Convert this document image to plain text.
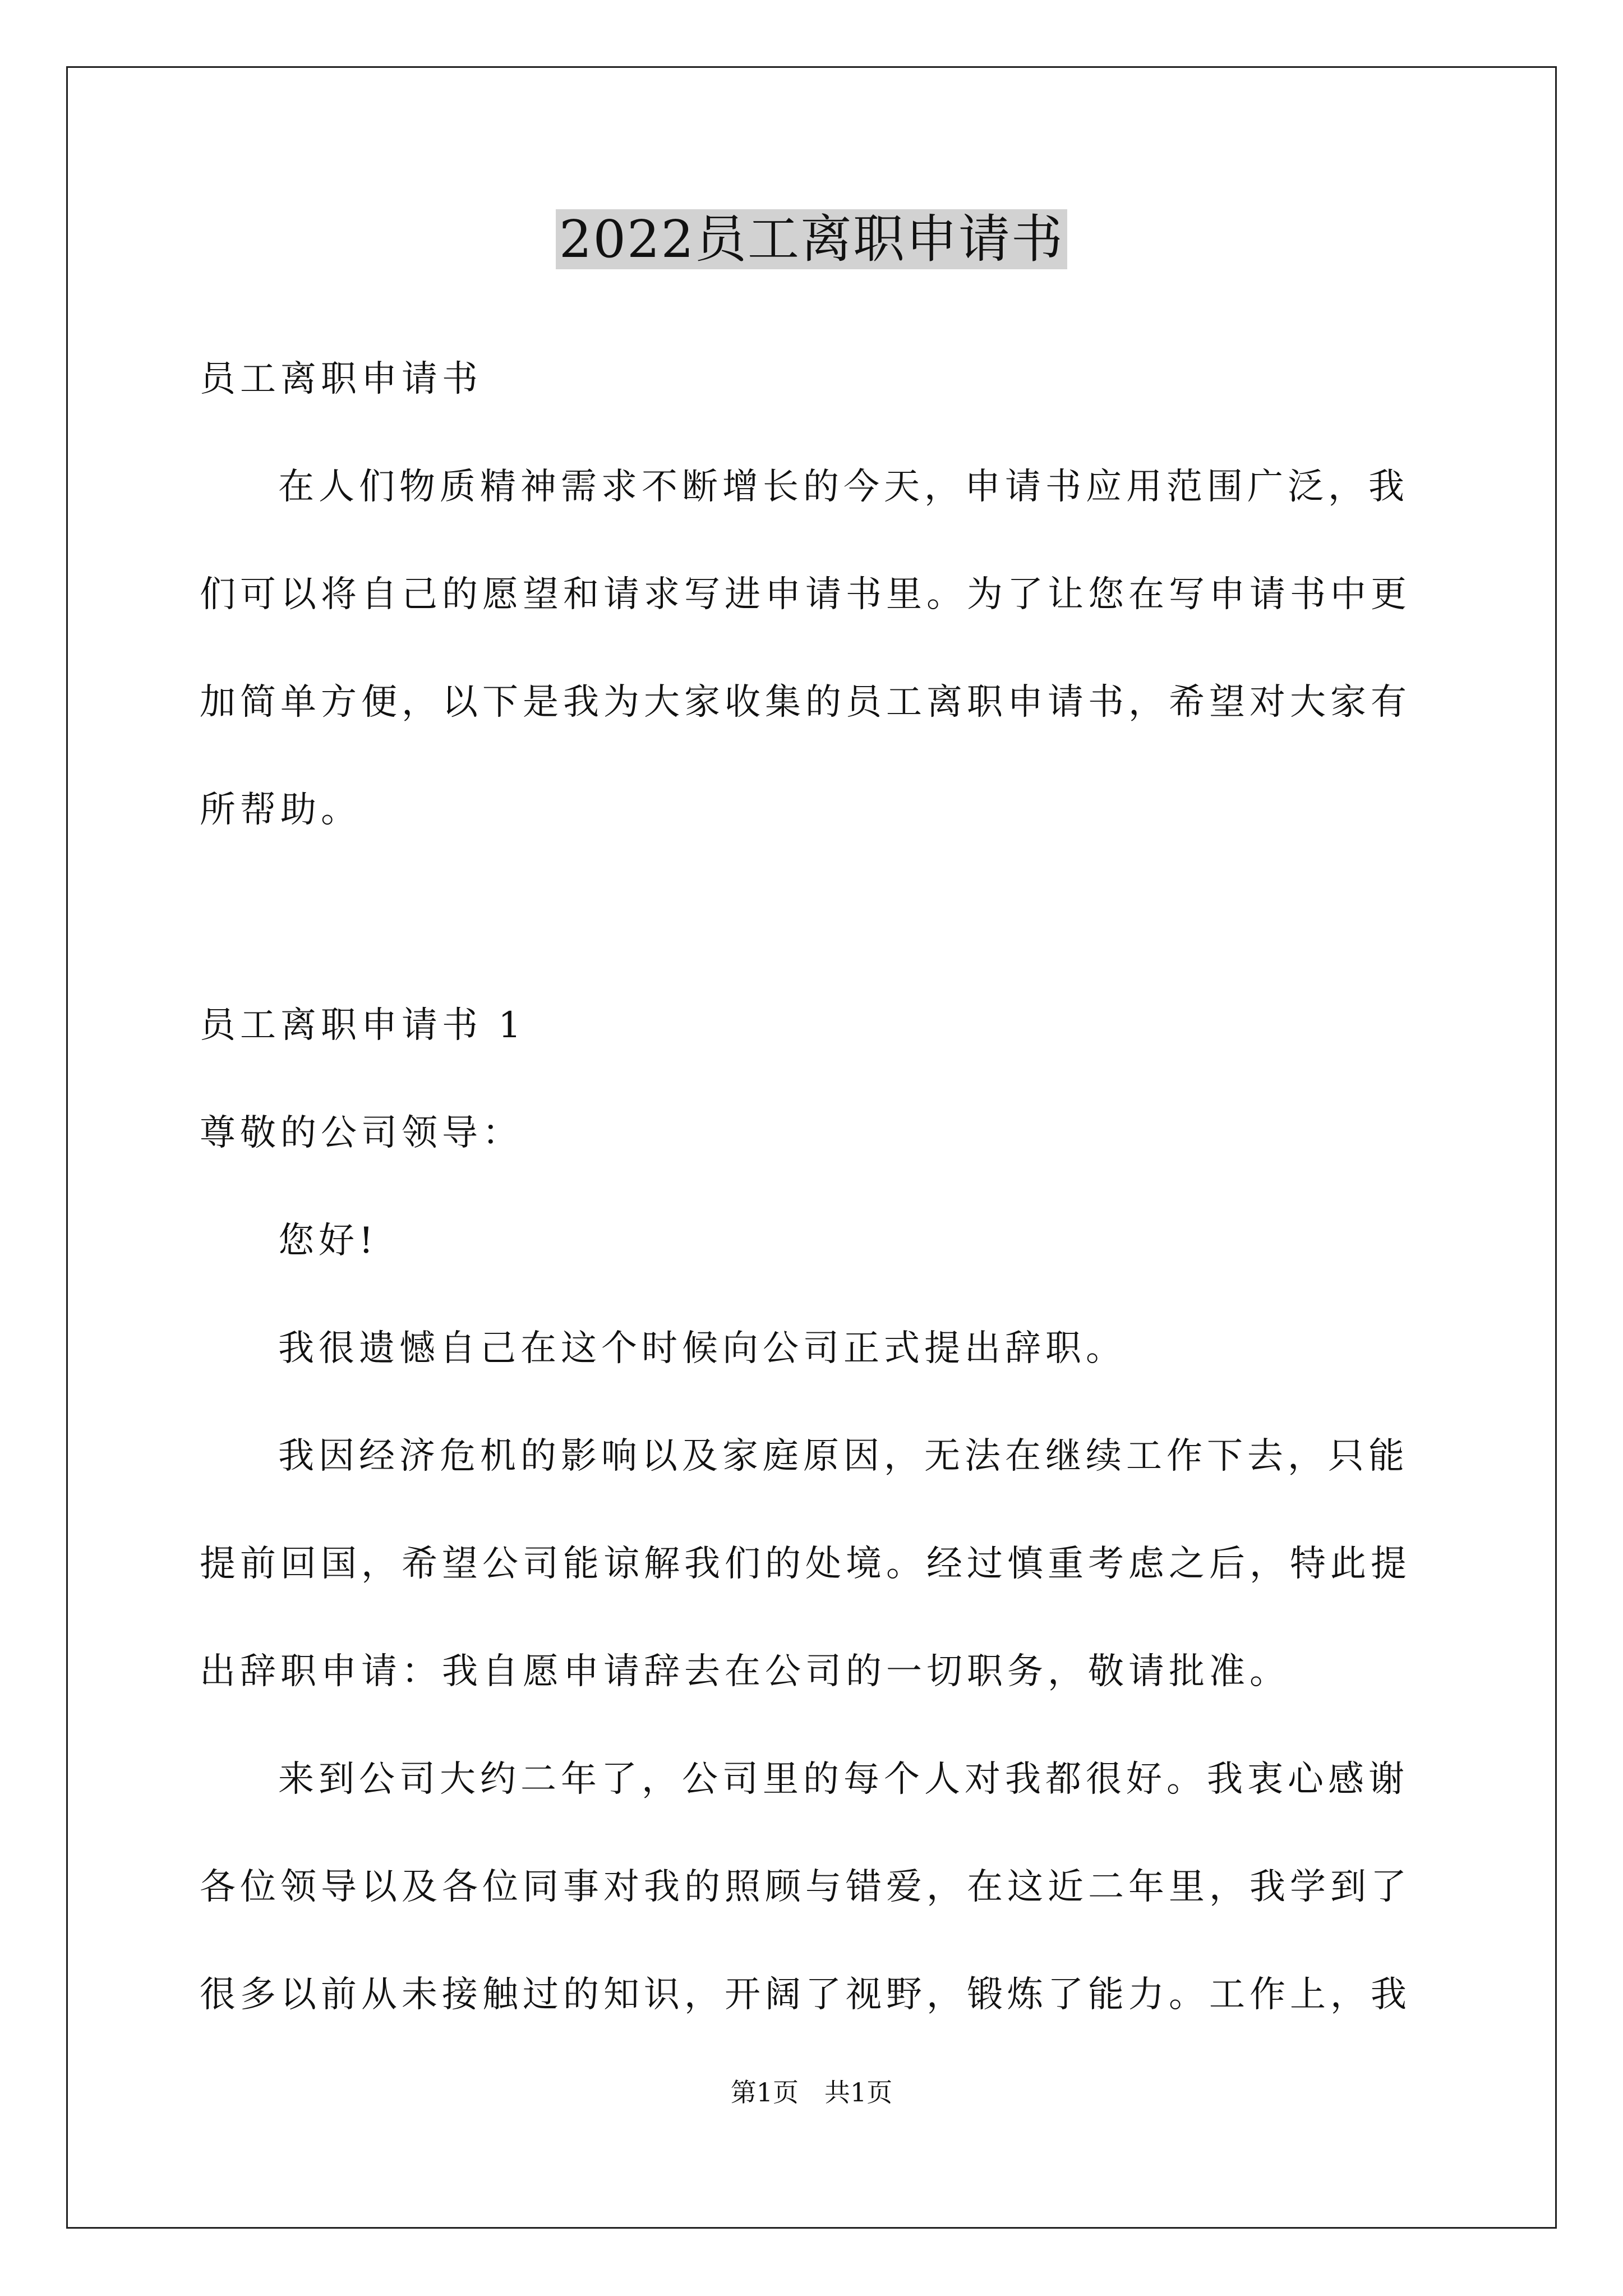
2022员工离职申请书
员工离职申请书
在人们物质精神需求不断增长的今天，申请书应用范围广泛，我
们可以将自己的愿望和请求写进申请书里。为了让您在写申请书中更
加简单方便，以下是我为大家收集的员工离职申请书，希望对大家有
所帮助。
员工离职申请书 1
尊敬的公司领导：
您好!
我很遗憾自己在这个时候向公司正式提出辞职。
我因经济危机的影响以及家庭原因，无法在继续工作下去，只能
提前回国，希望公司能谅解我们的处境。经过慎重考虑之后，特此提
出辞职申请：我自愿申请辞去在公司的一切职务，敬请批准。
来到公司大约二年了，公司里的每个人对我都很好。我衷心感谢
各位领导以及各位同事对我的照顾与错爱，在这近二年里，我学到了
很多以前从未接触过的知识，开阔了视野，锻炼了能力。工作上，我
第1页　共1页
